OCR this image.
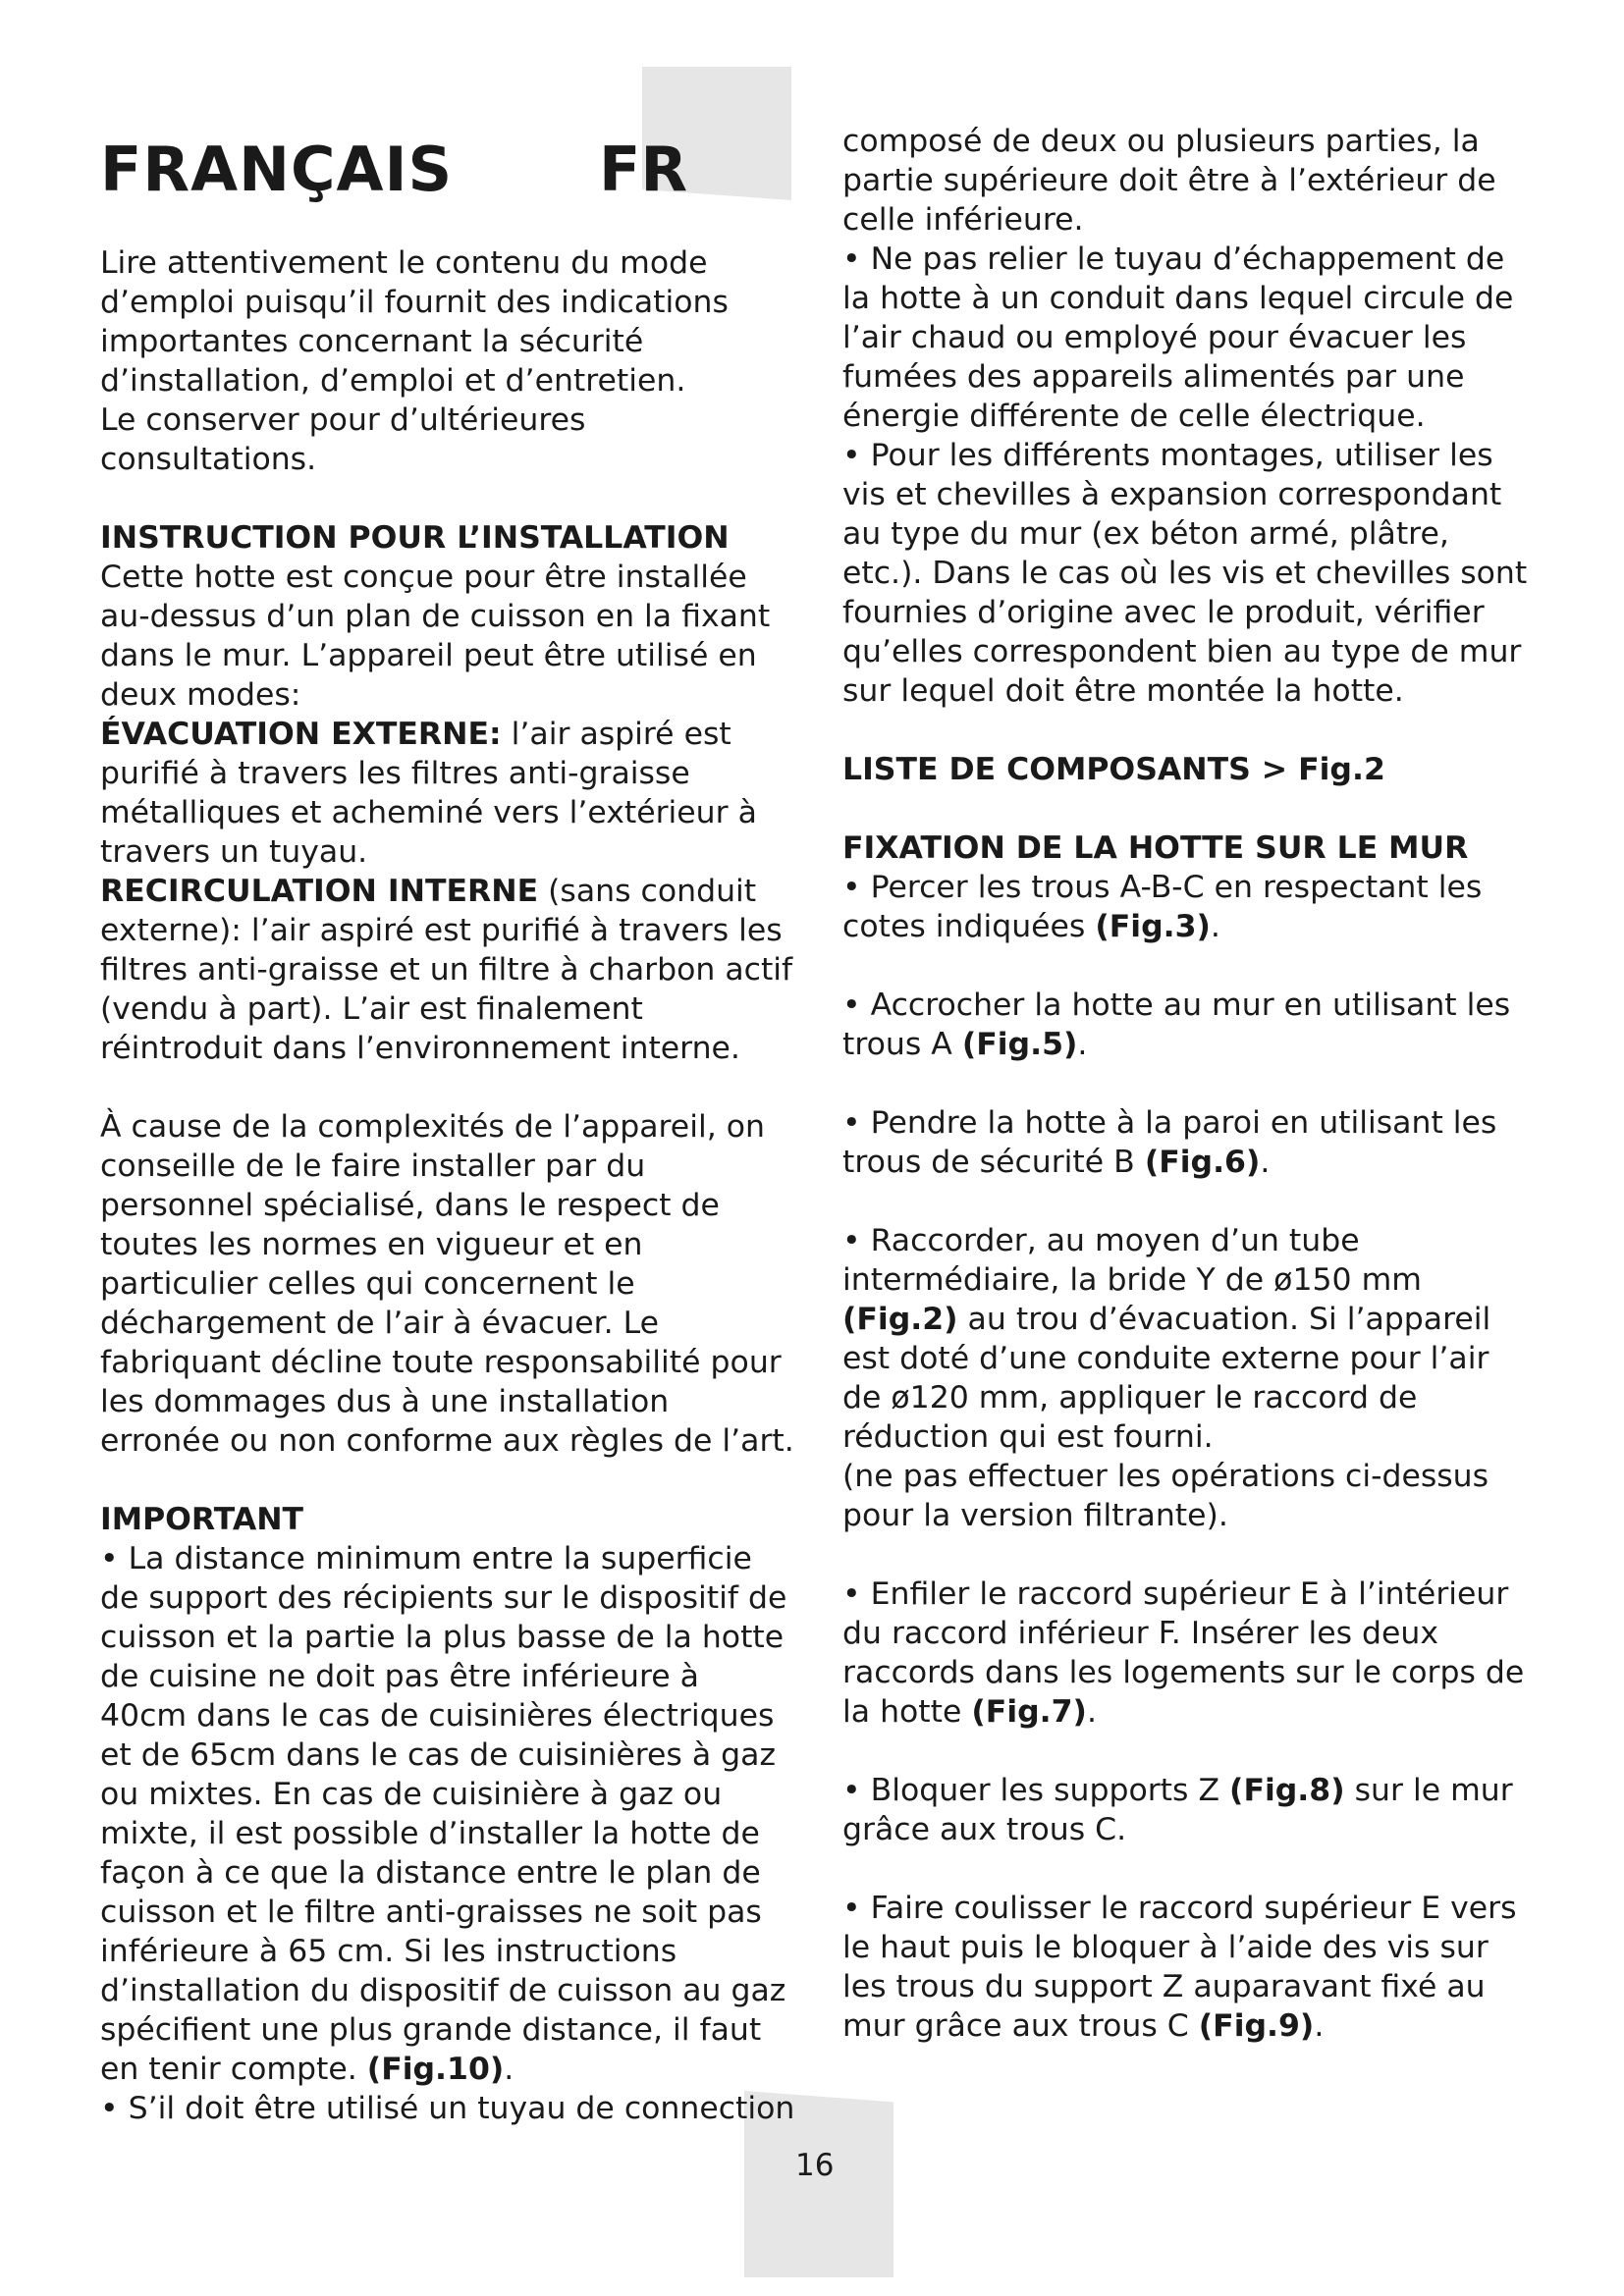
FRANÇAIS FR

Lire attentivement le contenu du mode d’emploi puisqu’il fournit des indications importantes concernant la sécurité d’installation, d’emploi et d’entretien.

Le conserver pour d’ultérieures consultations.

INSTRUCTION POUR L’INSTALLATION

Cette hotte est conçue pour être installée au-dessus d’un plan de cuisson en la fixant dans le mur. L’appareil peut être utilisé en deux modes:

ÉVACUATION EXTERNE: l’air aspiré est purifié à travers les filtres anti-graisse métalliques et acheminé vers l’extérieur à travers un tuyau.

RECIRCULATION INTERNE (sans conduit externe): l’air aspiré est purifié à travers les filtres anti-graisse et un filtre à charbon actif (vendu à part). L’air est finalement réintroduit dans l’environnement interne.

À cause de la complexités de l’appareil, on conseille de le faire installer par du personnel spécialisé, dans le respect de toutes les normes en vigueur et en particulier celles qui concernent le déchargement de l’air à évacuer. Le fabriquant décline toute responsabilité pour les dommages dus à une installation erronée ou non conforme aux règles de l’art.

IMPORTANT

• La distance minimum entre la superficie de support des récipients sur le dispositif de cuisson et la partie la plus basse de la hotte de cuisine ne doit pas être inférieure à 40cm dans le cas de cuisinières électriques et de 65cm dans le cas de cuisinières à gaz ou mixtes. En cas de cuisinière à gaz ou mixte, il est possible d’installer la hotte de façon à ce que la distance entre le plan de cuisson et le filtre anti-graisses ne soit pas inférieure à 65 cm. Si les instructions d’installation du dispositif de cuisson au gaz spécifient une plus grande distance, il faut en tenir compte. (Fig.10).

• S’il doit être utilisé un tuyau de connection

composé de deux ou plusieurs parties, la partie supérieure doit être à l’extérieur de celle inférieure.

• Ne pas relier le tuyau d’échappement de la hotte à un conduit dans lequel circule de l’air chaud ou employé pour évacuer les fumées des appareils alimentés par une énergie différente de celle électrique.

• Pour les différents montages, utiliser les vis et chevilles à expansion correspondant au type du mur (ex béton armé, plâtre, etc.). Dans le cas où les vis et chevilles sont fournies d’origine avec le produit, vérifier qu’elles correspondent bien au type de mur sur lequel doit être montée la hotte.

LISTE DE COMPOSANTS > Fig.2

FIXATION DE LA HOTTE SUR LE MUR

• Percer les trous A-B-C en respectant les cotes indiquées (Fig.3).

• Accrocher la hotte au mur en utilisant les trous A (Fig.5).

• Pendre la hotte à la paroi en utilisant les trous de sécurité B (Fig.6).

• Raccorder, au moyen d’un tube intermédiaire, la bride Y de ø150 mm (Fig.2) au trou d’évacuation. Si l’appareil est doté d’une conduite externe pour l’air de ø120 mm, appliquer le raccord de réduction qui est fourni.

(ne pas effectuer les opérations ci-dessus pour la version filtrante).

• Enfiler le raccord supérieur E à l’intérieur du raccord inférieur F. Insérer les deux raccords dans les logements sur le corps de la hotte (Fig.7).

• Bloquer les supports Z (Fig.8) sur le mur grâce aux trous C.

• Faire coulisser le raccord supérieur E vers le haut puis le bloquer à l’aide des vis sur les trous du support Z auparavant fixé au mur grâce aux trous C (Fig.9).

16
